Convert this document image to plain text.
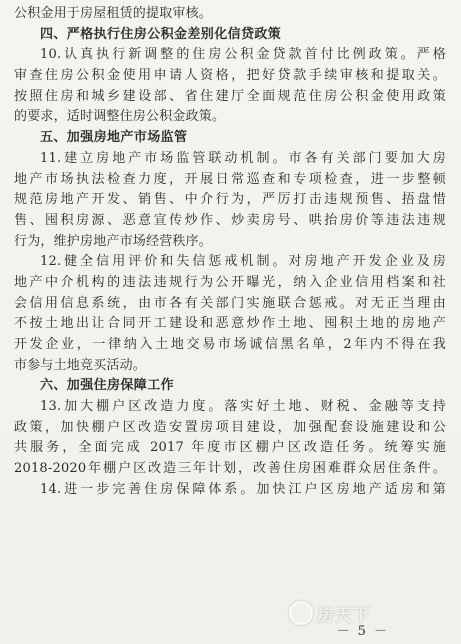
公积金用于房屋租赁的提取审核。
四、严格执行住房公积金差别化信贷政策
10.认真执行新调整的住房公积金贷款首付比例政策。严格
审查住房公积金使用申请人资格，把好贷款手续审核和提取关。
按照住房和城乡建设部、省住建厅全面规范住房公积金使用政策
的要求，适时调整住房公积金政策。
五、加强房地产市场监管
11.建立房地产市场监管联动机制。市各有关部门要加大房
地产市场执法检查力度，开展日常巡查和专项检查，进一步整顿
规范房地产开发、销售、中介行为，严厉打击违规预售、捂盘惜
售、囤积房源、恶意宣传炒作、炒卖房号、哄抬房价等违法违规
行为，维护房地产市场经营秩序。
12.健全信用评价和失信惩戒机制。对房地产开发企业及房
地产中介机构的违法违规行为公开曝光，纳入企业信用档案和社
会信用信息系统，由市各有关部门实施联合惩戒。对无正当理由
不按土地出让合同开工建设和恶意炒作土地、囤积土地的房地产
开发企业，一律纳入土地交易市场诚信黑名单，2年内不得在我
市参与土地竞买活动。
六、加强住房保障工作
13.加大棚户区改造力度。落实好土地、财税、金融等支持
政策，加快棚户区改造安置房项目建设，加强配套设施建设和公
共服务，全面完成 2017 年度市区棚户区改造任务。统筹实施
2018-2020年棚户区改造三年计划，改善住房困难群众居住条件。
14.进一步完善住房保障体系。加快江户区房地产适房和第
房天下
－ 5 －
